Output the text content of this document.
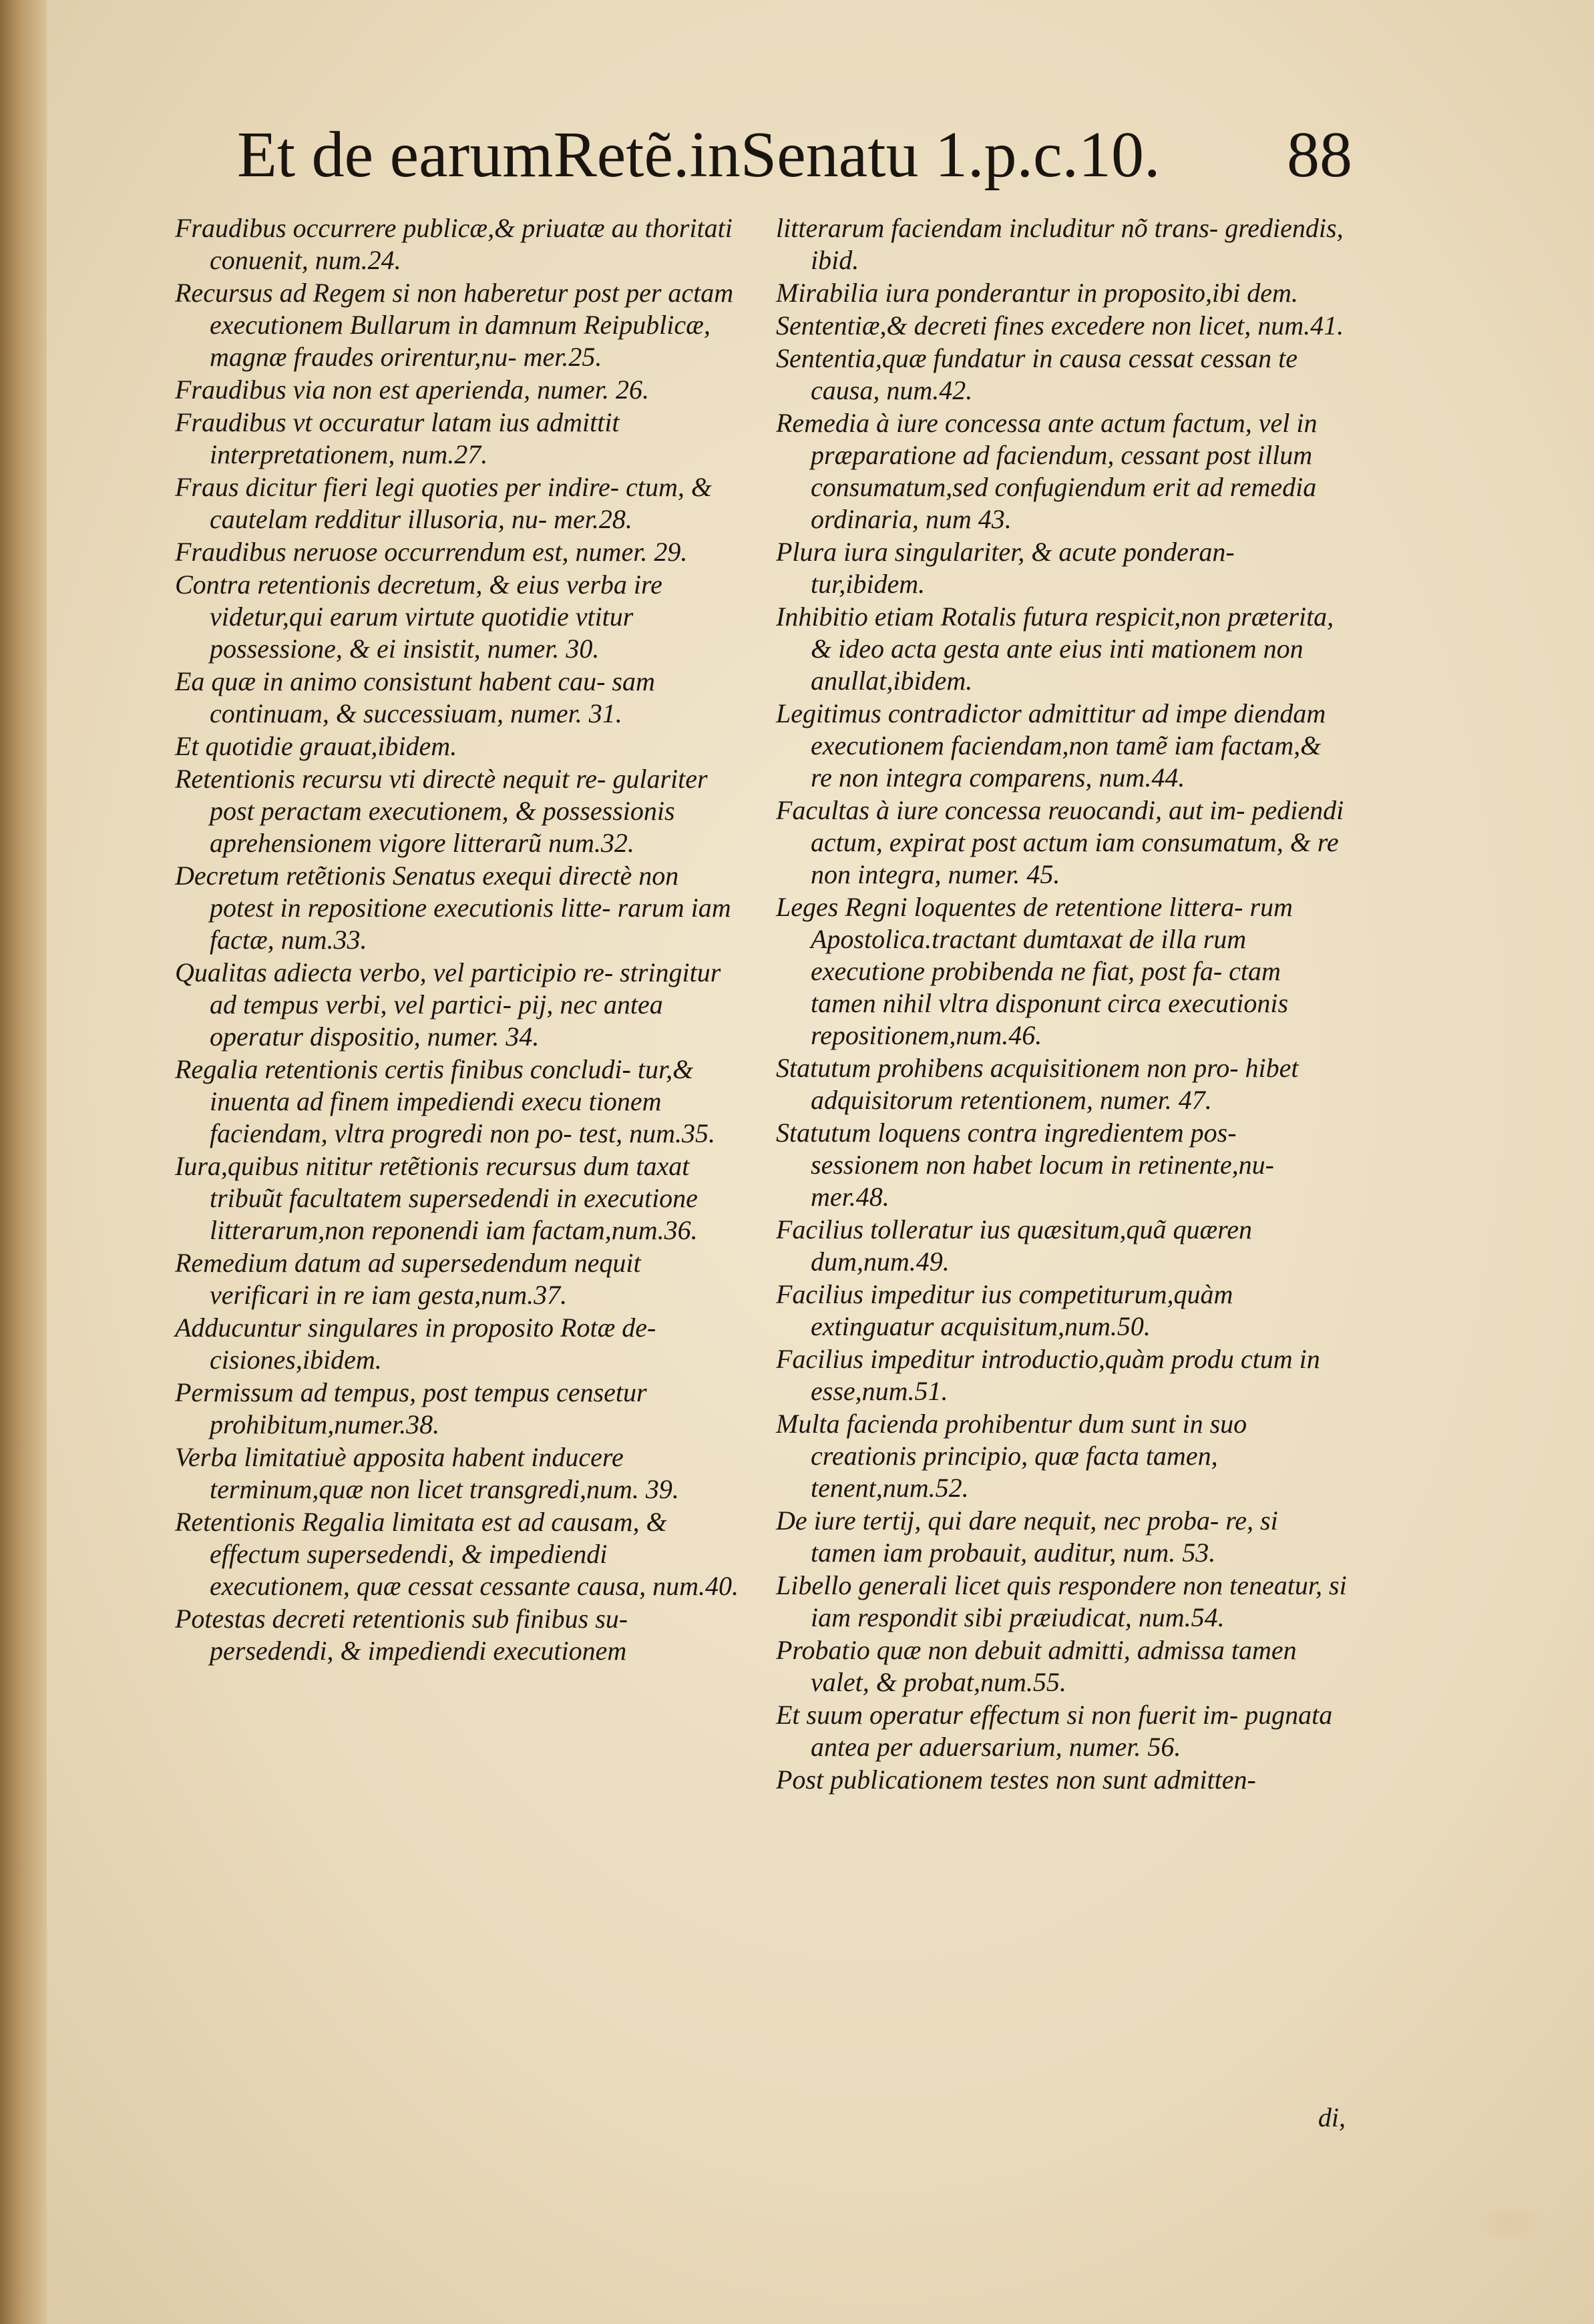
Et de earumRetẽ.inSenatu 1.p.c.10. 88

Fraudibus occurrere publicæ,& priuatæ au thoritati conuenit, num.24.

Recursus ad Regem si non haberetur post per actam executionem Bullarum in damnum Reipublicæ, magnæ fraudes orirentur,nu- mer.25.

Fraudibus via non est aperienda, numer. 26.

Fraudibus vt occuratur latam ius admittit interpretationem, num.27.

Fraus dicitur fieri legi quoties per indire- ctum, & cautelam redditur illusoria, nu- mer.28.

Fraudibus neruose occurrendum est, numer. 29.

Contra retentionis decretum, & eius verba ire videtur,qui earum virtute quotidie vtitur possessione, & ei insistit, numer. 30.

Ea quæ in animo consistunt habent cau- sam continuam, & successiuam, numer. 31.

Et quotidie grauat,ibidem.

Retentionis recursu vti directè nequit re- gulariter post peractam executionem, & possessionis aprehensionem vigore litterarũ num.32.

Decretum retẽtionis Senatus exequi directè non potest in repositione executionis litte- rarum iam factæ, num.33.

Qualitas adiecta verbo, vel participio re- stringitur ad tempus verbi, vel partici- pij, nec antea operatur dispositio, numer. 34.

Regalia retentionis certis finibus concludi- tur,& inuenta ad finem impediendi execu tionem faciendam, vltra progredi non po- test, num.35.

Iura,quibus nititur retẽtionis recursus dum taxat tribuũt facultatem supersedendi in executione litterarum,non reponendi iam factam,num.36.

Remedium datum ad supersedendum nequit verificari in re iam gesta,num.37.

Adducuntur singulares in proposito Rotæ de- cisiones,ibidem.

Permissum ad tempus, post tempus censetur prohibitum,numer.38.

Verba limitatiuè apposita habent inducere terminum,quæ non licet transgredi,num. 39.

Retentionis Regalia limitata est ad causam, & effectum supersedendi, & impediendi executionem, quæ cessat cessante causa, num.40.

Potestas decreti retentionis sub finibus su- persedendi, & impediendi executionem

litterarum faciendam includitur nõ trans- grediendis, ibid.

Mirabilia iura ponderantur in proposito,ibi dem.

Sententiæ,& decreti fines excedere non licet, num.41.

Sententia,quæ fundatur in causa cessat cessan te causa, num.42.

Remedia à iure concessa ante actum factum, vel in præparatione ad faciendum, cessant post illum consumatum,sed confugiendum erit ad remedia ordinaria, num 43.

Plura iura singulariter, & acute ponderan- tur,ibidem.

Inhibitio etiam Rotalis futura respicit,non præterita, & ideo acta gesta ante eius inti mationem non anullat,ibidem.

Legitimus contradictor admittitur ad impe diendam executionem faciendam,non tamẽ iam factam,& re non integra comparens, num.44.

Facultas à iure concessa reuocandi, aut im- pediendi actum, expirat post actum iam consumatum, & re non integra, numer. 45.

Leges Regni loquentes de retentione littera- rum Apostolica.tractant dumtaxat de illa rum executione probibenda ne fiat, post fa- ctam tamen nihil vltra disponunt circa executionis repositionem,num.46.

Statutum prohibens acquisitionem non pro- hibet adquisitorum retentionem, numer. 47.

Statutum loquens contra ingredientem pos- sessionem non habet locum in retinente,nu- mer.48.

Facilius tolleratur ius quæsitum,quã quæren dum,num.49.

Facilius impeditur ius competiturum,quàm extinguatur acquisitum,num.50.

Facilius impeditur introductio,quàm produ ctum in esse,num.51.

Multa facienda prohibentur dum sunt in suo creationis principio, quæ facta tamen, tenent,num.52.

De iure tertij, qui dare nequit, nec proba- re, si tamen iam probauit, auditur, num. 53.

Libello generali licet quis respondere non teneatur, si iam respondit sibi præiudicat, num.54.

Probatio quæ non debuit admitti, admissa tamen valet, & probat,num.55.

Et suum operatur effectum si non fuerit im- pugnata antea per aduersarium, numer. 56.

Post publicationem testes non sunt admitten-

di,
